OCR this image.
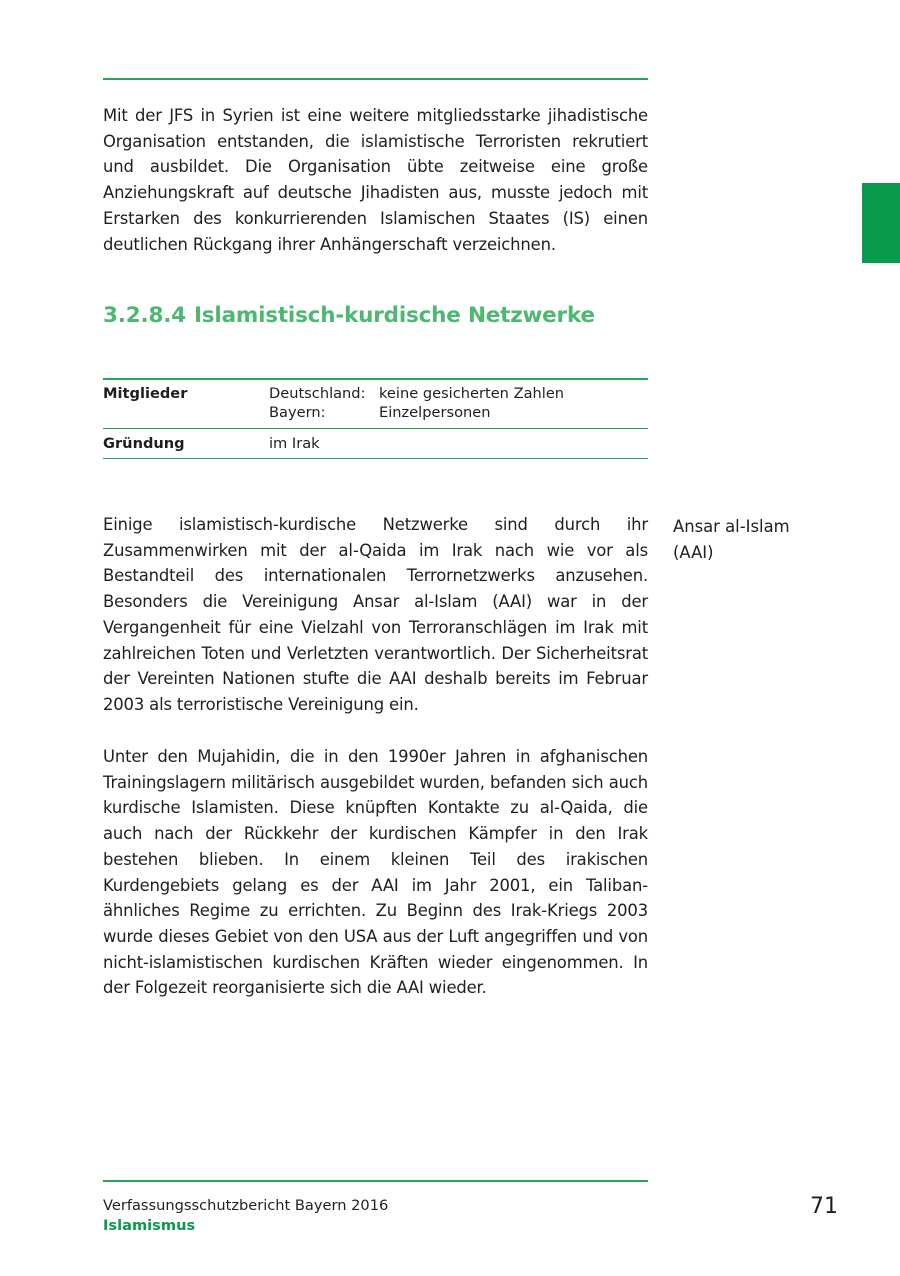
Mit der JFS in Syrien ist eine weitere mitgliedsstarke jihadistische Organisation entstanden, die islamistische Terroristen rekrutiert und ausbildet. Die Organisation übte zeitweise eine große Anziehungskraft auf deutsche Jihadisten aus, musste jedoch mit Erstarken des konkurrierenden Islamischen Staates (IS) einen deutlichen Rückgang ihrer Anhängerschaft verzeichnen.

3.2.8.4 Islamistisch-kurdische Netzwerke
Mitglieder	Deutschland: keine gesicherten Zahlen
Bayern:	Einzelpersonen
Gründung	im Irak

Einige islamistisch-kurdische Netzwerke sind durch ihr Zusammenwirken mit der al-Qaida im Irak nach wie vor als Bestandteil des internationalen Terrornetzwerks anzusehen. Besonders die Vereinigung Ansar al-Islam (AAI) war in der Vergangenheit für eine Vielzahl von Terroranschlägen im Irak mit zahlreichen Toten und Verletzten verantwortlich. Der Sicherheitsrat der Vereinten Nationen stufte die AAI deshalb bereits im Februar 2003 als terroristische Vereinigung ein.

Ansar al-Islam
(AAI)

Unter den Mujahidin, die in den 1990er Jahren in afghanischen Trainingslagern militärisch ausgebildet wurden, befanden sich auch kurdische Islamisten. Diese knüpften Kontakte zu al-Qaida, die auch nach der Rückkehr der kurdischen Kämpfer in den Irak bestehen blieben. In einem kleinen Teil des irakischen Kurdengebiets gelang es der AAI im Jahr 2001, ein Taliban-ähnliches Regime zu errichten. Zu Beginn des Irak-Kriegs 2003 wurde dieses Gebiet von den USA aus der Luft angegriffen und von nicht-islamistischen kurdischen Kräften wieder eingenommen. In der Folgezeit reorganisierte sich die AAI wieder.

Verfassungsschutzbericht Bayern 2016
Islamismus
71
